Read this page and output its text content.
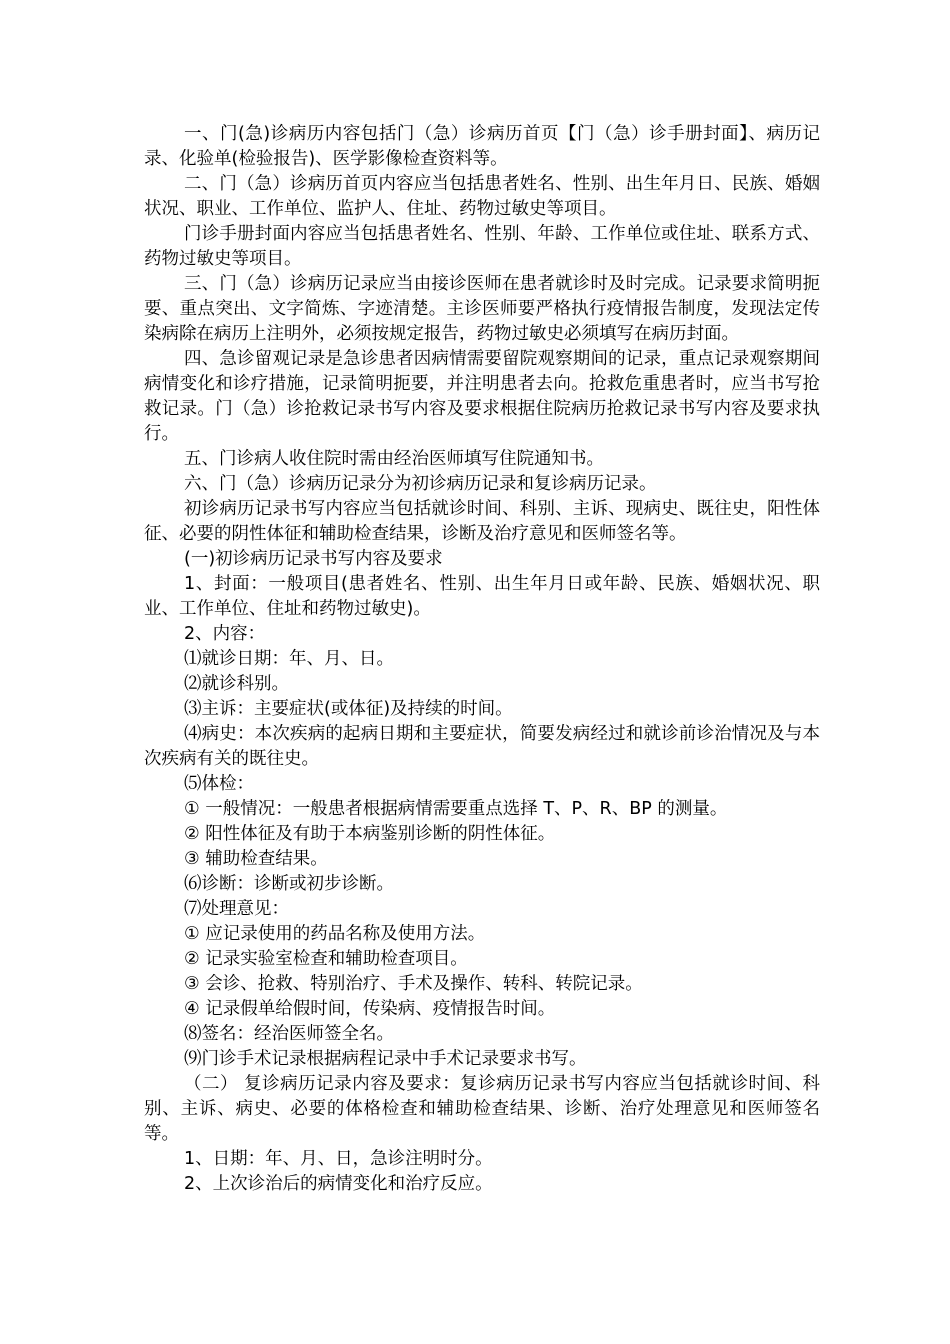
一、门(急)诊病历内容包括门（急）诊病历首页【门（急）诊手册封面】、病历记录、化验单(检验报告)、医学影像检查资料等。

二、门（急）诊病历首页内容应当包括患者姓名、性别、出生年月日、民族、婚姻状况、职业、工作单位、监护人、住址、药物过敏史等项目。

门诊手册封面内容应当包括患者姓名、性别、年龄、工作单位或住址、联系方式、药物过敏史等项目。

三、门（急）诊病历记录应当由接诊医师在患者就诊时及时完成。记录要求简明扼要、重点突出、文字简炼、字迹清楚。主诊医师要严格执行疫情报告制度，发现法定传染病除在病历上注明外，必须按规定报告，药物过敏史必须填写在病历封面。

四、急诊留观记录是急诊患者因病情需要留院观察期间的记录，重点记录观察期间病情变化和诊疗措施，记录简明扼要，并注明患者去向。抢救危重患者时，应当书写抢救记录。门（急）诊抢救记录书写内容及要求根据住院病历抢救记录书写内容及要求执行。

五、门诊病人收住院时需由经治医师填写住院通知书。

六、门（急）诊病历记录分为初诊病历记录和复诊病历记录。

初诊病历记录书写内容应当包括就诊时间、科别、主诉、现病史、既往史，阳性体征、必要的阴性体征和辅助检查结果，诊断及治疗意见和医师签名等。

(一)初诊病历记录书写内容及要求

1、封面：一般项目(患者姓名、性别、出生年月日或年龄、民族、婚姻状况、职业、工作单位、住址和药物过敏史)。

2、内容：

⑴就诊日期：年、月、日。

⑵就诊科别。

⑶主诉：主要症状(或体征)及持续的时间。

⑷病史：本次疾病的起病日期和主要症状，简要发病经过和就诊前诊治情况及与本次疾病有关的既往史。

⑸体检：

① 一般情况：一般患者根据病情需要重点选择 T、P、R、BP 的测量。

② 阳性体征及有助于本病鉴别诊断的阴性体征。

③ 辅助检查结果。

⑹诊断：诊断或初步诊断。

⑺处理意见：

① 应记录使用的药品名称及使用方法。

② 记录实验室检查和辅助检查项目。

③ 会诊、抢救、特别治疗、手术及操作、转科、转院记录。

④ 记录假单给假时间，传染病、疫情报告时间。

⑻签名：经治医师签全名。

⑼门诊手术记录根据病程记录中手术记录要求书写。

（二） 复诊病历记录内容及要求：复诊病历记录书写内容应当包括就诊时间、科别、主诉、病史、必要的体格检查和辅助检查结果、诊断、治疗处理意见和医师签名等。

1、日期：年、月、日，急诊注明时分。

2、上次诊治后的病情变化和治疗反应。
